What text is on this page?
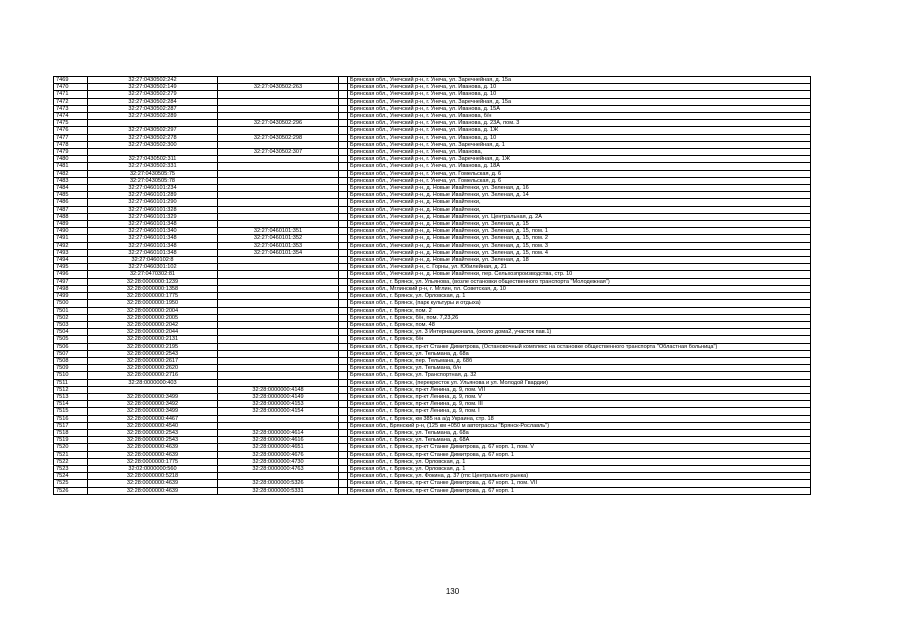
7469	32:27:0430502:242			Брянская обл., Унечский р-н, г. Унеча, ул. Заречнейная, д. 15а
7470	32:27:0430502:149	32:27:0430502:263		Брянская обл., Унечский р-н, г. Унеча, ул. Иванова, д. 10
7471	32:27:0430502:279			Брянская обл., Унечский р-н, г. Унеча, ул. Иванова, д. 10
7472	32:27:0430502:284			Брянская обл., Унечский р-н, г. Унеча, ул. Заречнейная, д. 15а
7473	32:27:0430502:287			Брянская обл., Унечский р-н, г. Унеча, ул. Иванова, д. 15А
7474	32:27:0430502:289			Брянская обл., Унечский р-н, г. Унеча, ул. Иванова, б/н
7475		32:27:0430502:296		Брянская обл., Унечский р-н, г. Унеча, ул. Иванова, д. 23А, пом. 3
7476	32:27:0430502:297			Брянская обл., Унечский р-н, г. Унеча, ул. Иванова, д. 1Ж
7477	32:27:0430502:278	32:27:0430502:298		Брянская обл., Унечский р-н, г. Унеча, ул. Иванова, д. 10
7478	32:27:0430502:300			Брянская обл., Унечский р-н, г. Унеча, ул. Заречнейная, д. 1
7479		32:27:0430502:307		Брянская обл., Унечский р-н, г. Унеча, ул. Иванова,
7480	32:27:0430502:311			Брянская обл., Унечский р-н, г. Унеча, ул. Заречнейная, д. 1Ж
7481	32:27:0430502:331			Брянская обл., Унечский р-н, г. Унеча, ул. Иванова, д. 18А
7482	32:27:0430505:75			Брянская обл., Унечский р-н, г. Унеча, ул. Гомельская, д. 6
7483	32:27:0430505:78			Брянская обл., Унечский р-н, г. Унеча, ул. Гомельская, д. 6
7484	32:27:0460101:234			Брянская обл., Унечский р-н, д. Новые Ивайтенки, ул. Зеленая, д. 16
7485	32:27:0460101:289			Брянская обл., Унечский р-н, д. Новые Ивайтенки, ул. Зеленая, д. 14
7486	32:27:0460101:290			Брянская обл., Унечский р-н, д. Новые Ивайтенки,
7487	32:27:0460101:328			Брянская обл., Унечский р-н, д. Новые Ивайтенки,
7488	32:27:0460101:329			Брянская обл., Унечский р-н, д. Новые Ивайтенки, ул. Центральная, д. 2А
7489	32:27:0460101:348			Брянская обл., Унечский р-н, д. Новые Ивайтенки, ул. Зеленая, д. 15
7490	32:27:0460101:340	32:27:0460101:351		Брянская обл., Унечский р-н, д. Новые Ивайтенки, ул. Зеленая, д. 15, пом. 1
7491	32:27:0460101:348	32:27:0460101:352		Брянская обл., Унечский р-н, д. Новые Ивайтенки, ул. Зеленая, д. 15, пом. 2
7492	32:27:0460101:348	32:27:0460101:353		Брянская обл., Унечский р-н, д. Новые Ивайтенки, ул. Зеленая, д. 15, пом. 3
7493	32:27:0460101:348	32:27:0460101:354		Брянская обл., Унечский р-н, д. Новые Ивайтенки, ул. Зеленая, д. 15, пом. 4
7494	32:27:0460102:8			Брянская обл., Унечский р-н, д. Новые Ивайтенки, ул. Зеленая, д. 18
7495	32:27:0460301:102			Брянская обл., Унечский р-н, с. Горны, ул. Юбилейная, д. 21
7496	32:27:0470302:81			Брянская обл., Унечский р-н, д. Новые Ивайтенки, пер. Сельхозпроизводства, стр. 10
7497	32:28:0000000:1239			Брянская обл., г. Брянск, ул. Ульянова, (возле остановки общественного транспорта "Молодежная")
7498	32:28:0000000:1358			Брянская обл., Мглинский р-н, г. Мглин, пл. Советская, д. 10
7499	32:28:0000000:1775			Брянская обл., г. Брянск, ул. Орловская, д. 1
7500	32:28:0000000:1950			Брянская обл., г. Брянск, (парк культуры и отдыха)
7501	32:28:0000000:2004			Брянская обл., г. Брянск, пом. 2
7502	32:28:0000000:2005			Брянская обл., г. Брянск, б/н, пом. 7,23,26
7503	32:28:0000000:2042			Брянская обл., г. Брянск, пом. 48
7504	32:28:0000000:2044			Брянская обл., г. Брянск, ул. 3 Интернационала, (около дома2, участок пав.1)
7505	32:28:0000000:2131			Брянская обл., г. Брянск, б/н
7506	32:28:0000000:2195			Брянская обл., г. Брянск, пр-кт Станке Димитрова, (Остановочный комплекс на остановке общественного транспорта "Областная больница")
7507	32:28:0000000:2543			Брянская обл., г. Брянск, ул. Тельмана, д. 68а
7508	32:28:0000000:2617			Брянская обл., г. Брянск, пер. Тельмана, д. 68б
7509	32:28:0000000:2620			Брянская обл., г. Брянск, ул. Тельмана, б/н
7510	32:28:0000000:2716			Брянская обл., г. Брянск, ул. Транспортная, д. 32
7511	32:28:0000000:403			Брянская обл., г. Брянск, (перекресток ул. Ульянова и ул. Молодой Гвардии)
7512		32:28:0000000:4148		Брянская обл., г. Брянск, пр-кт Ленина, д. 9, пом. VII
7513	32:28:0000000:3499	32:28:0000000:4149		Брянская обл., г. Брянск, пр-кт Ленина, д. 9, пом. V
7514	32:28:0000000:3492	32:28:0000000:4153		Брянская обл., г. Брянск, пр-кт Ленина, д. 9, пом. III
7515	32:28:0000000:3499	32:28:0000000:4154		Брянская обл., г. Брянск, пр-кт Ленина, д. 9, пом. I
7516	32:28:0000000:4467			Брянская обл., г. Брянск, км 385 на а/д Украина, стр. 18
7517	32:28:0000000:4540			Брянская обл., Брянский р-н, (125 км +050 м автотрассы "Брянск-Рославль")
7518	32:28:0000000:2543	32:28:0000000:4614		Брянская обл., г. Брянск, ул. Тельмана, д. 68а
7519	32:28:0000000:2543	32:28:0000000:4616		Брянская обл., г. Брянск, ул. Тельмана, д. 68А
7520	32:28:0000000:4639	32:28:0000000:4651		Брянская обл., г. Брянск, пр-кт Станке Димитрова, д. 67 корп. 1, пом. V
7521	32:28:0000000:4639	32:28:0000000:4676		Брянская обл., г. Брянск, пр-кт Станке Димитрова, д. 67 корп. 1
7522	32:28:0000000:1775	32:28:0000000:4730		Брянская обл., г. Брянск, ул. Орловская, д. 1
7523	32:02:0000000:560	32:28:0000000:4763		Брянская обл., г. Брянск, ул. Орловская, д. 1
7524	32:28:0000000:5218			Брянская обл., г. Брянск, ул. Фокина, д. 37 (гпс Центрального рынка)
7525	32:28:0000000:4639	32:28:0000000:5326		Брянская обл., г. Брянск, пр-кт Станке Димитрова, д. 67 корп. 1, пом. VII
7526	32:28:0000000:4639	32:28:0000000:5331		Брянская обл., г. Брянск, пр-кт Станке Димитрова, д. 67 корп. 1
130
